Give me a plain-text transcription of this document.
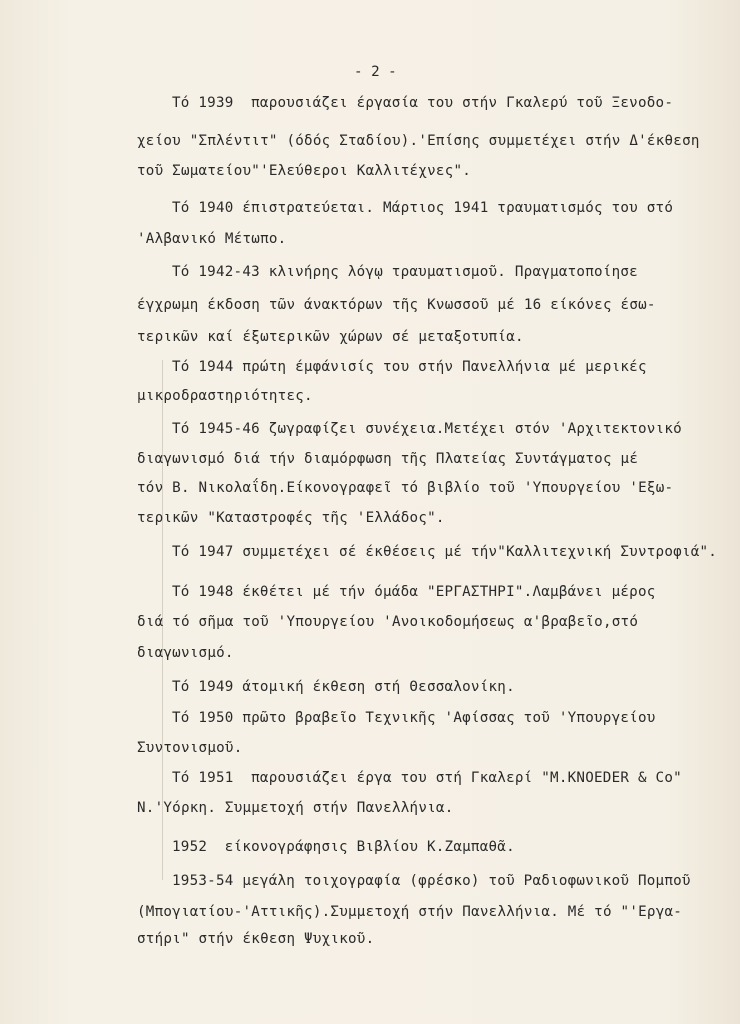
- 2 -
Τό 1939  παρουσιάζει έργασία του στήν Γκαλερύ τοῦ Ξενοδο-
χείου "Σπλέντιτ" (όδός Σταδίου).'Επίσης συμμετέχει στήν Δ'έκθεση
τοῦ Σωματείου"'Ελεύθεροι Καλλιτέχνες".
Τό 1940 έπιστρατεύεται. Μάρτιος 1941 τραυματισμός του στό
'Αλβανικό Μέτωπο.
Τό 1942-43 κλινήρης λόγῳ τραυματισμοῦ. Πραγματοποίησε
έγχρωμη έκδοση τῶν άνακτόρων τῆς Κνωσσοῦ μέ 16 είκόνες έσω-
τερικῶν καί έξωτερικῶν χώρων σέ μεταξοτυπία.
Τό 1944 πρώτη έμφάνισίς του στήν Πανελλήνια μέ μερικές
μικροδραστηριότητες.
Τό 1945-46 ζωγραφίζει συνέχεια.Μετέχει στόν 'Αρχιτεκτονικό
διαγωνισμό διά τήν διαμόρφωση τῆς Πλατείας Συντάγματος μέ
τόν Β. Νικολαΐδη.Είκονογραφεῖ τό βιβλίο τοῦ 'Υπουργείου 'Εξω-
τερικῶν "Καταστροφές τῆς 'Ελλάδος".
Τό 1947 συμμετέχει σέ έκθέσεις μέ τήν"Καλλιτεχνική Συντροφιά".
Τό 1948 έκθέτει μέ τήν όμάδα "ΕΡΓΑΣΤΗΡΙ".Λαμβάνει μέρος
διά τό σῆμα τοῦ 'Υπουργείου 'Ανοικοδομήσεως α'βραβεῖο,στό
διαγωνισμό.
Τό 1949 άτομική έκθεση στή Θεσσαλονίκη.
Τό 1950 πρῶτο βραβεῖο Τεχνικῆς 'Αφίσσας τοῦ 'Υπουργείου
Συντονισμοῦ.
Τό 1951  παρουσιάζει έργα του στή Γκαλερί "M.KNOEDER & Co"
Ν.'Υόρκη. Συμμετοχή στήν Πανελλήνια.
1952  είκονογράφησις Βιβλίου Κ.Ζαμπαθᾶ.
1953-54 μεγάλη τοιχογραφία (φρέσκο) τοῦ Ραδιοφωνικοῦ Πομποῦ
(Μπογιατίου-'Αττικῆς).Συμμετοχή στήν Πανελλήνια. Μέ τό "'Εργα-
στήρι" στήν έκθεση Ψυχικοῦ.
